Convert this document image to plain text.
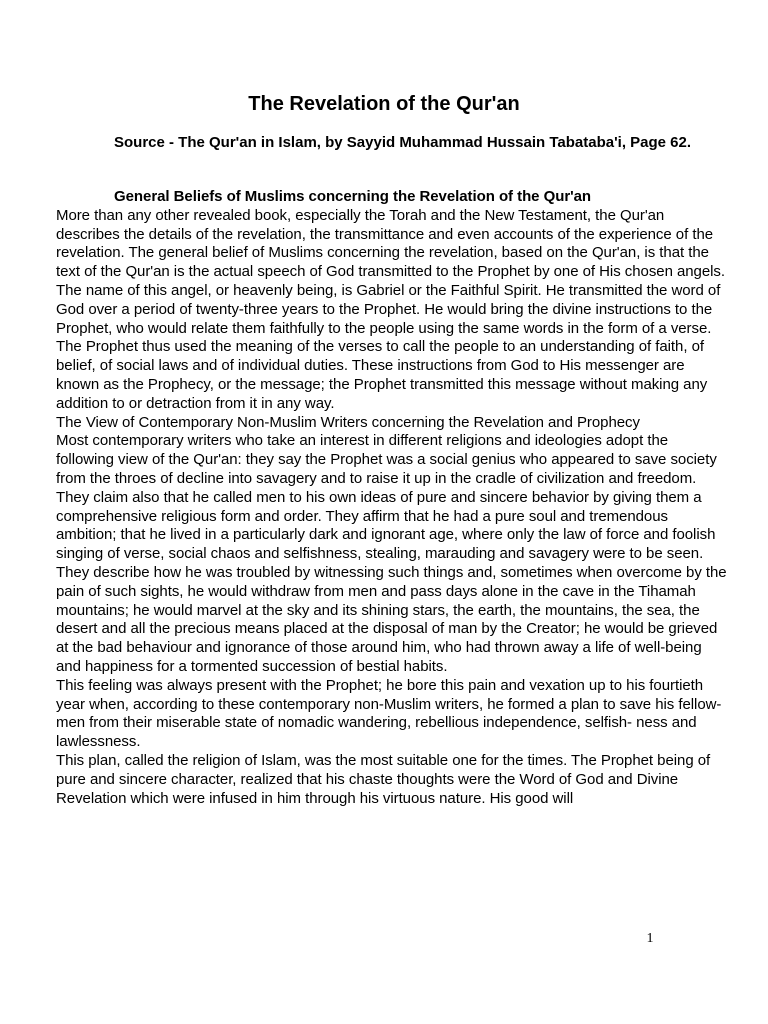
The Revelation of the Qur'an
Source - The Qur'an in Islam, by Sayyid Muhammad Hussain Tabataba'i, Page 62.

General Beliefs of Muslims concerning the Revelation of the Qur'an

More than any other revealed book, especially the Torah and the New Testament, the Qur'an describes the details of the revelation, the transmittance and even accounts of the experience of the revelation. The general belief of Muslims concerning the revelation, based on the Qur'an, is that the text of the Qur'an is the actual speech of God transmitted to the Prophet by one of His chosen angels.

The name of this angel, or heavenly being, is Gabriel or the Faithful Spirit. He transmitted the word of God over a period of twenty-three years to the Prophet. He would bring the divine instructions to the Prophet, who would relate them faithfully to the people using the same words in the form of a verse.

The Prophet thus used the meaning of the verses to call the people to an understanding of faith, of belief, of social laws and of individual duties. These instructions from God to His messenger are known as the Prophecy, or the message; the Prophet transmitted this message without making any addition to or detraction from it in any way.

The View of Contemporary Non-Muslim Writers concerning the Revelation and Prophecy

Most contemporary writers who take an interest in different religions and ideologies adopt the following view of the Qur'an: they say the Prophet was a social genius who appeared to save society from the throes of decline into savagery and to raise it up in the cradle of civilization and freedom. They claim also that he called men to his own ideas of pure and sincere behavior by giving them a comprehensive religious form and order. They affirm that he had a pure soul and tremendous ambition; that he lived in a particularly dark and ignorant age, where only the law of force and foolish singing of verse, social chaos and selfishness, stealing, marauding and savagery were to be seen.

They describe how he was troubled by witnessing such things and, sometimes when overcome by the pain of such sights, he would withdraw from men and pass days alone in the cave in the Tihamah mountains; he would marvel at the sky and its shining stars, the earth, the mountains, the sea, the desert and all the precious means placed at the disposal of man by the Creator; he would be grieved at the bad behaviour and ignorance of those around him, who had thrown away a life of well-being and happiness for a tormented succession of bestial habits.

This feeling was always present with the Prophet; he bore this pain and vexation up to his fourtieth year when, according to these contemporary non-Muslim writers, he formed a plan to save his fellow-men from their miserable state of nomadic wandering, rebellious independence, selfish- ness and lawlessness.

This plan, called the religion of Islam, was the most suitable one for the times. The Prophet being of pure and sincere character, realized that his chaste thoughts were the Word of God and Divine Revelation which were infused in him through his virtuous nature. His good will

1
